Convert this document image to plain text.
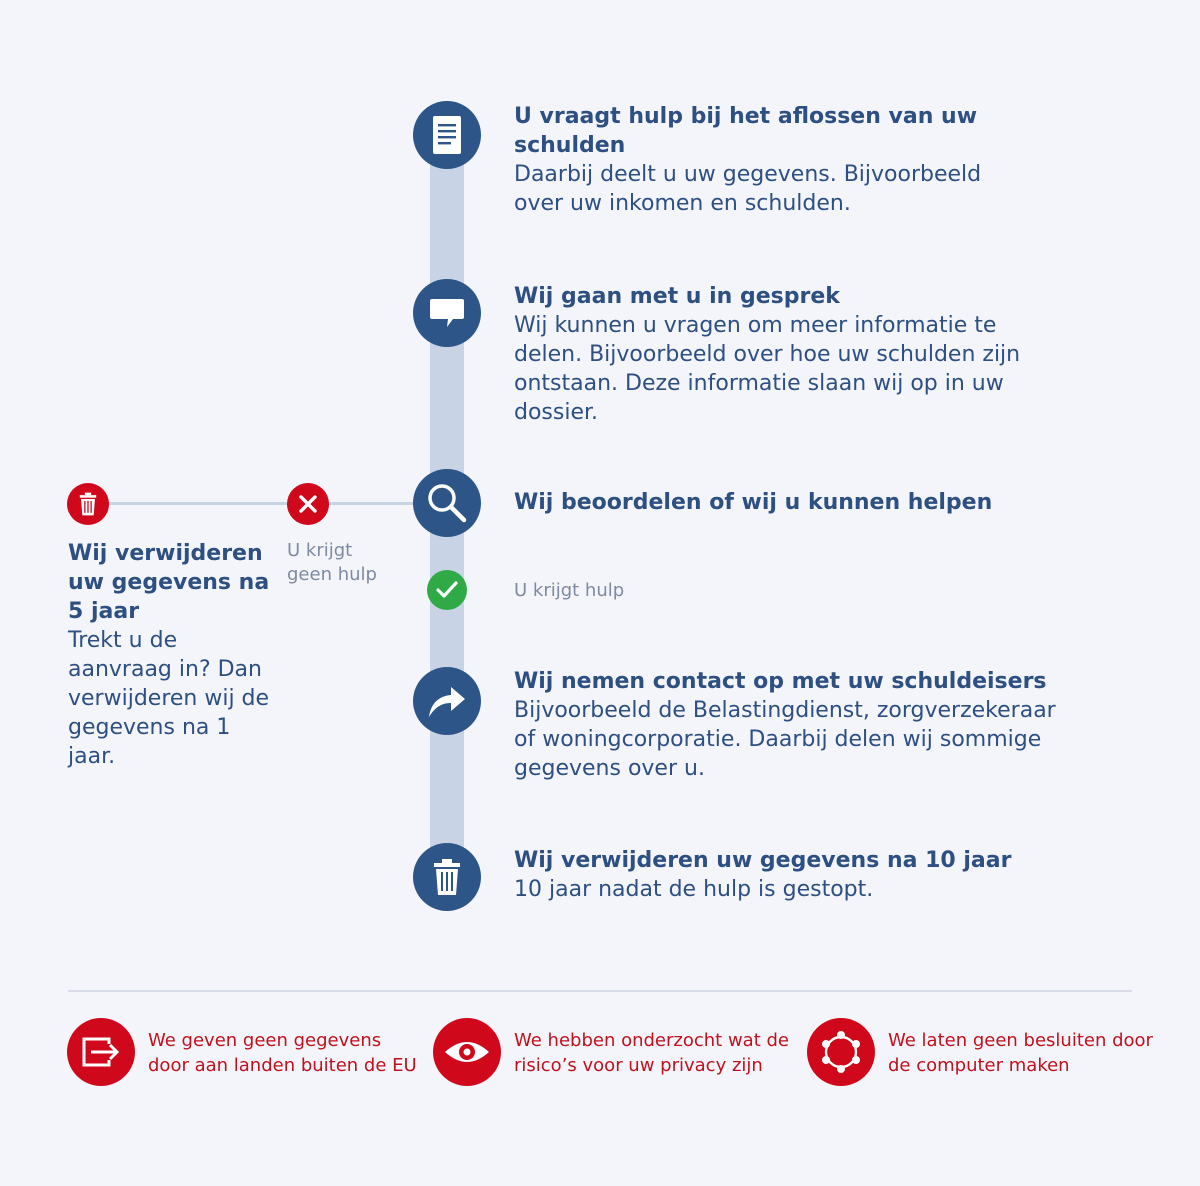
U vraagt hulp bij het aflossen van uw schulden

Daarbij deelt u uw gegevens. Bijvoorbeeld over uw inkomen en schulden.

Wij gaan met u in gesprek

Wij kunnen u vragen om meer informatie te delen. Bijvoorbeeld over hoe uw schulden zijn ontstaan. Deze informatie slaan wij op in uw dossier.

Wij beoordelen of wij u kunnen helpen

U krijgt hulp

Wij nemen contact op met uw schuldeisers

Bijvoorbeeld de Belastingdienst, zorgverzekeraar of woningcorporatie. Daarbij delen wij sommige gegevens over u.

Wij verwijderen uw gegevens na 10 jaar

10 jaar nadat de hulp is gestopt.

U krijgt geen hulp

Wij verwijderen uw gegevens na 5 jaar

Trekt u de aanvraag in? Dan verwijderen wij de gegevens na 1 jaar.

We geven geen gegevens door aan landen buiten de EU
We hebben onderzocht wat de risico’s voor uw privacy zijn
We laten geen besluiten door de computer maken
